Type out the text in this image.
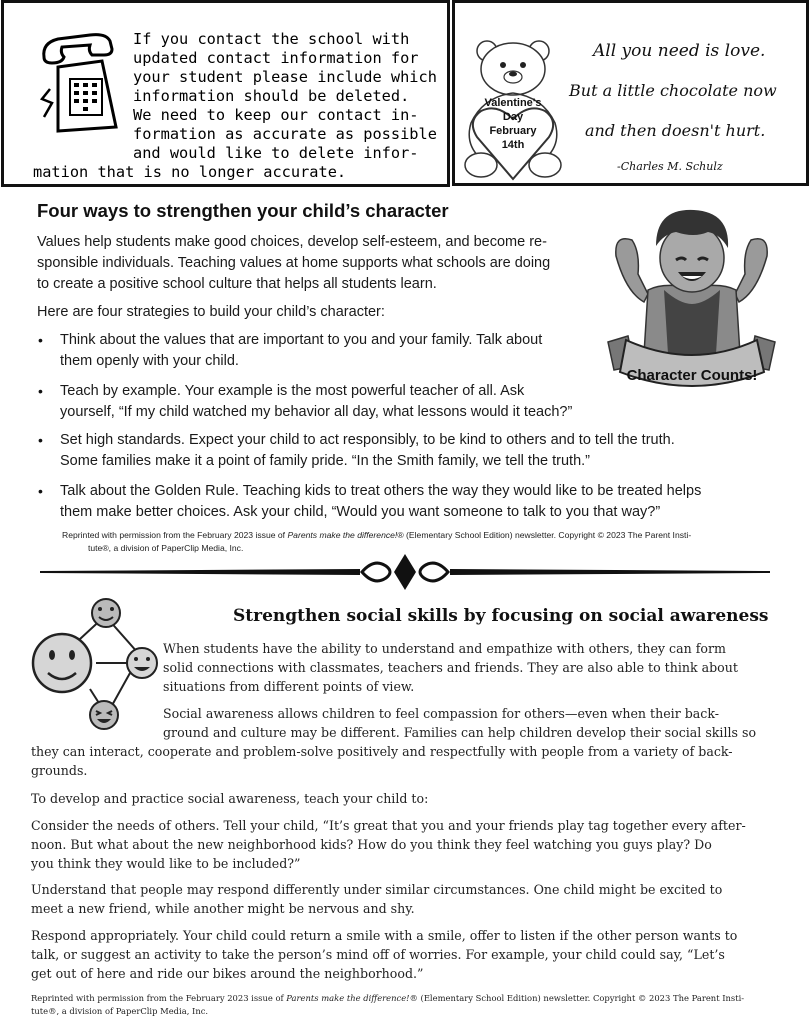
If you contact the school with
updated contact information for
your student please include which
information should be deleted.
We need to keep our contact in-
formation as accurate as possible
and would like to delete infor-
mation that is no longer accurate.
Valentine's
Day
February
14th
All you need is love.
But a little chocolate now
and then doesn't hurt.
-Charles M. Schulz
Four ways to strengthen your child’s character
Values help students make good choices, develop self-esteem, and become re-
sponsible individuals. Teaching values at home supports what schools are doing
to create a positive school culture that helps all students learn.
Here are four strategies to build your child’s character:
• Think about the values that are important to you and your family. Talk about
them openly with your child.
• Teach by example. Your example is the most powerful teacher of all. Ask
yourself, “If my child watched my behavior all day, what lessons would it teach?”
• Set high standards. Expect your child to act responsibly, to be kind to others and to tell the truth.
Some families make it a point of family pride. “In the Smith family, we tell the truth.”
• Talk about the Golden Rule. Teaching kids to treat others the way they would like to be treated helps
them make better choices. Ask your child, “Would you want someone to talk to you that way?”
Reprinted with permission from the February 2023 issue of Parents make the difference!® (Elementary School Edition) newsletter. Copyright © 2023 The Parent Insti-
tute®, a division of PaperClip Media, Inc.
Character Counts!
Strengthen social skills by focusing on social awareness
When students have the ability to understand and empathize with others, they can form
solid connections with classmates, teachers and friends. They are also able to think about
situations from different points of view.
Social awareness allows children to feel compassion for others—even when their back-
ground and culture may be different. Families can help children develop their social skills so
they can interact, cooperate and problem-solve positively and respectfully with people from a variety of back-
grounds.
To develop and practice social awareness, teach your child to:
Consider the needs of others. Tell your child, “It’s great that you and your friends play tag together every after-
noon. But what about the new neighborhood kids? How do you think they feel watching you guys play? Do
you think they would like to be included?”
Understand that people may respond differently under similar circumstances. One child might be excited to
meet a new friend, while another might be nervous and shy.
Respond appropriately. Your child could return a smile with a smile, offer to listen if the other person wants to
talk, or suggest an activity to take the person’s mind off of worries. For example, your child could say, “Let’s
get out of here and ride our bikes around the neighborhood.”
Reprinted with permission from the February 2023 issue of Parents make the difference!® (Elementary School Edition) newsletter. Copyright © 2023 The Parent Insti-
tute®, a division of PaperClip Media, Inc.
